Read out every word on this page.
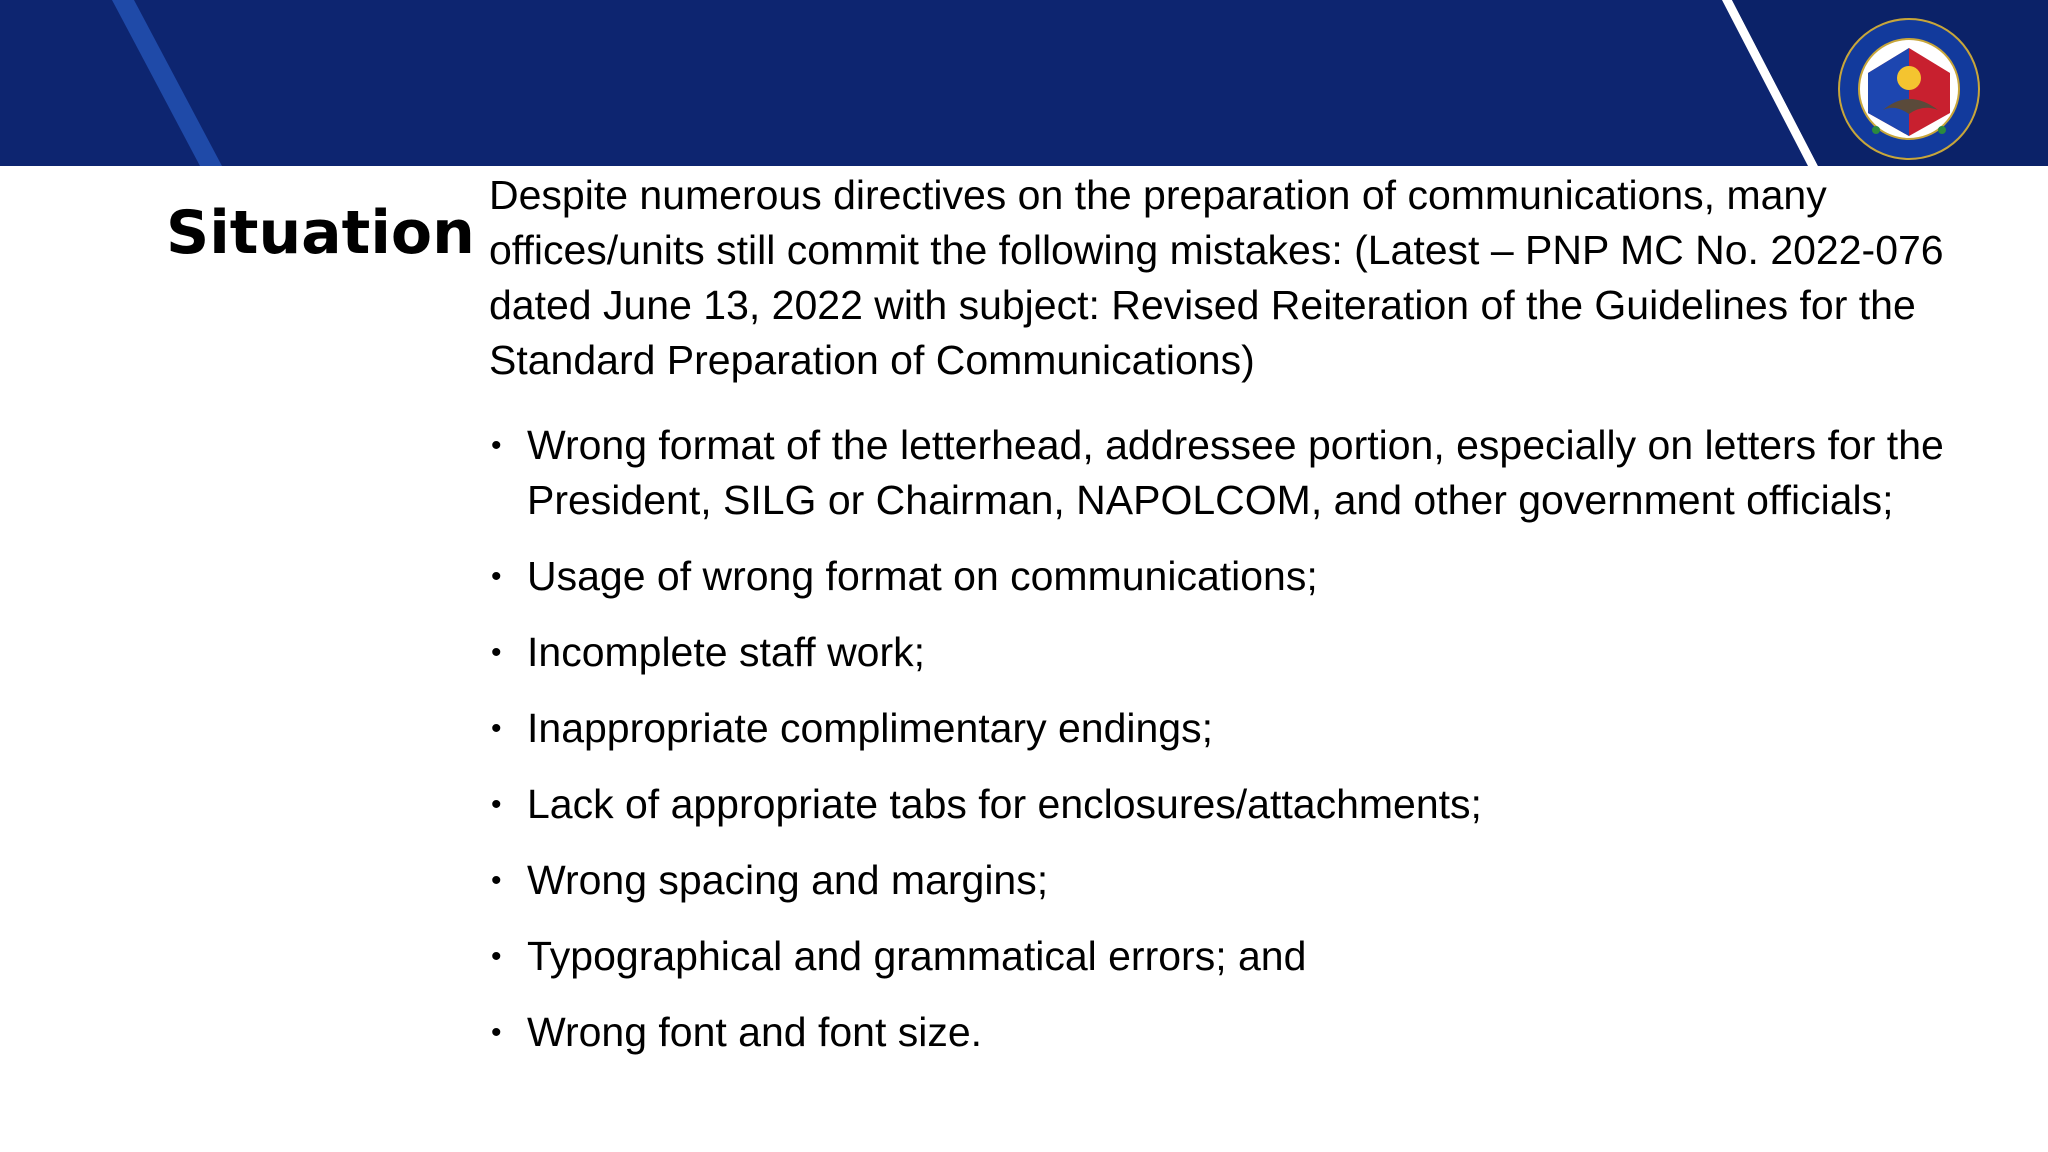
Situation

Despite numerous directives on the preparation of communications, many offices/units still commit the following mistakes: (Latest – PNP MC No. 2022-076 dated June 13, 2022 with subject: Revised Reiteration of the Guidelines for the Standard Preparation of Communications)

• Wrong format of the letterhead, addressee portion, especially on letters for the President, SILG or Chairman, NAPOLCOM, and other government officials;
• Usage of wrong format on communications;
• Incomplete staff work;
• Inappropriate complimentary endings;
• Lack of appropriate tabs for enclosures/attachments;
• Wrong spacing and margins;
• Typographical and grammatical errors; and
• Wrong font and font size.
